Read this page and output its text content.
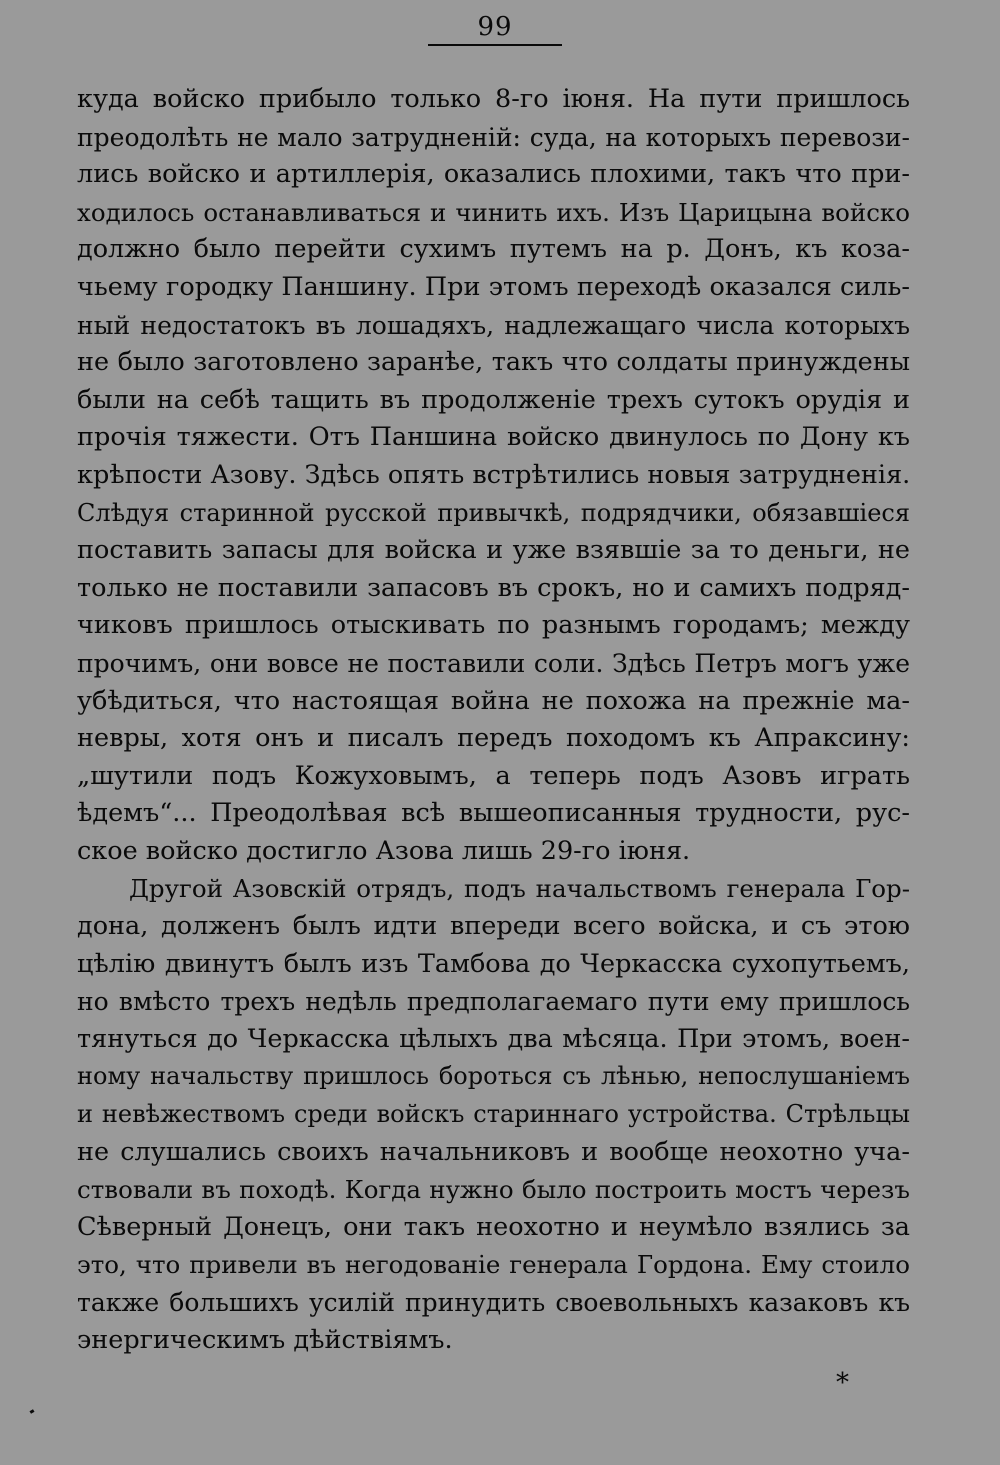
99
куда войско прибыло только 8-го іюня. На пути пришлось
преодолѣть не мало затрудненій: суда, на которыхъ перевози-
лись войско и артиллерія, оказались плохими, такъ что при-
ходилось останавливаться и чинить ихъ. Изъ Царицына войско
должно было перейти сухимъ путемъ на р. Донъ, къ коза-
чьему городку Паншину. При этомъ переходѣ оказался силь-
ный недостатокъ въ лошадяхъ, надлежащаго числа которыхъ
не было заготовлено заранѣе, такъ что солдаты принуждены
были на себѣ тащить въ продолженіе трехъ сутокъ орудія и
прочія тяжести. Отъ Паншина войско двинулось по Дону къ
крѣпости Азову. Здѣсь опять встрѣтились новыя затрудненія.
Слѣдуя старинной русской привычкѣ, подрядчики, обязавшіеся
поставить запасы для войска и уже взявшіе за то деньги, не
только не поставили запасовъ въ срокъ, но и самихъ подряд-
чиковъ пришлось отыскивать по разнымъ городамъ; между
прочимъ, они вовсе не поставили соли. Здѣсь Петръ могъ уже
убѣдиться, что настоящая война не похожа на прежніе ма-
невры, хотя онъ и писалъ передъ походомъ къ Апраксину:
„шутили подъ Кожуховымъ, а теперь подъ Азовъ играть
ѣдемъ“... Преодолѣвая всѣ вышеописанныя трудности, рус-
ское войско достигло Азова лишь 29-го іюня.
Другой Азовскій отрядъ, подъ начальствомъ генерала Гор-
дона, долженъ былъ идти впереди всего войска, и съ этою
цѣлію двинутъ былъ изъ Тамбова до Черкасска сухопутьемъ,
но вмѣсто трехъ недѣль предполагаемаго пути ему пришлось
тянуться до Черкасска цѣлыхъ два мѣсяца. При этомъ, воен-
ному начальству пришлось бороться съ лѣнью, непослушаніемъ
и невѣжествомъ среди войскъ стариннаго устройства. Стрѣльцы
не слушались своихъ начальниковъ и вообще неохотно уча-
ствовали въ походѣ. Когда нужно было построить мостъ черезъ
Сѣверный Донецъ, они такъ неохотно и неумѣло взялись за
это, что привели въ негодованіе генерала Гордона. Ему стоило
также большихъ усилій принудить своевольныхъ казаковъ къ
энергическимъ дѣйствіямъ.
*
